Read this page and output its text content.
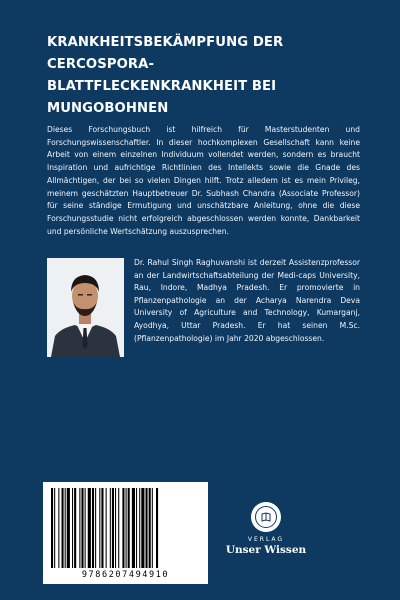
KRANKHEITSBEKÄMPFUNG DER
CERCOSPORA-
BLATTFLECKENKRANKHEIT BEI
MUNGOBOHNEN
Dieses Forschungsbuch ist hilfreich für Masterstudenten und Forschungswissenschaftler. In dieser hochkomplexen Gesellschaft kann keine Arbeit von einem einzelnen Individuum vollendet werden, sondern es braucht Inspiration und aufrichtige Richtlinien des Intellekts sowie die Gnade des Allmächtigen, der bei so vielen Dingen hilft. Trotz alledem ist es mein Privileg, meinem geschätzten Hauptbetreuer Dr. Subhash Chandra (Associate Professor) für seine ständige Ermutigung und unschätzbare Anleitung, ohne die diese Forschungsstudie nicht erfolgreich abgeschlossen werden konnte, Dankbarkeit und persönliche Wertschätzung auszusprechen.
Dr. Rahul Singh Raghuvanshi ist derzeit Assistenzprofessor an der Landwirtschaftsabteilung der Medi-caps University, Rau, Indore, Madhya Pradesh. Er promovierte in Pflanzenpathologie an der Acharya Narendra Deva University of Agriculture and Technology, Kumarganj, Ayodhya, Uttar Pradesh. Er hat seinen M.Sc. (Pflanzenpathologie) im Jahr 2020 abgeschlossen.
9786207494910
VERLAG
Unser Wissen
